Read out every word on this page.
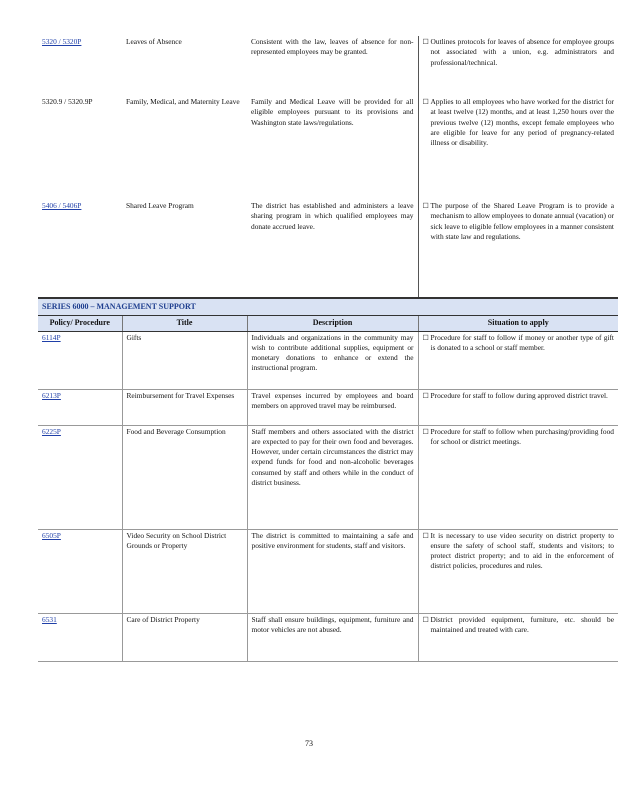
5320 / 5320P	Leaves of Absence	Consistent with the law, leaves of absence for non-represented employees may be granted.	☐ Outlines protocols for leaves of absence for employee groups not associated with a union, e.g. administrators and professional/technical.

5320.9 / 5320.9P	Family, Medical, and Maternity Leave	Family and Medical Leave will be provided for all eligible employees pursuant to its provisions and Washington state laws/regulations.	☐ Applies to all employees who have worked for the district for at least twelve (12) months, and at least 1,250 hours over the previous twelve (12) months, except female employees who are eligible for leave for any period of pregnancy-related illness or disability.

5406 / 5406P	Shared Leave Program	The district has established and administers a leave sharing program in which qualified employees may donate accrued leave.	☐ The purpose of the Shared Leave Program is to provide a mechanism to allow employees to donate annual (vacation) or sick leave to eligible fellow employees in a manner consistent with state law and regulations.

SERIES 6000 – MANAGEMENT SUPPORT			
Policy/ Procedure	Title	Description	Situation to apply
6114P	Gifts	Individuals and organizations in the community may wish to contribute additional supplies, equipment or monetary donations to enhance or extend the instructional program.	☐ Procedure for staff to follow if money or another type of gift is donated to a school or staff member.

6213P	Reimbursement for Travel Expenses	Travel expenses incurred by employees and board members on approved travel may be reimbursed.	☐ Procedure for staff to follow during approved district travel.

6225P	Food and Beverage Consumption	Staff members and others associated with the district are expected to pay for their own food and beverages. However, under certain circumstances the district may expend funds for food and non-alcoholic beverages consumed by staff and others while in the conduct of district business.	☐ Procedure for staff to follow when purchasing/providing food for school or district meetings.

6505P	Video Security on School District Grounds or Property	The district is committed to maintaining a safe and positive environment for students, staff and visitors.	☐ It is necessary to use video security on district property to ensure the safety of school staff, students and visitors; to protect district property; and to aid in the enforcement of district policies, procedures and rules.

6531	Care of District Property	Staff shall ensure buildings, equipment, furniture and motor vehicles are not abused.	☐ District provided equipment, furniture, etc. should be maintained and treated with care.
73
